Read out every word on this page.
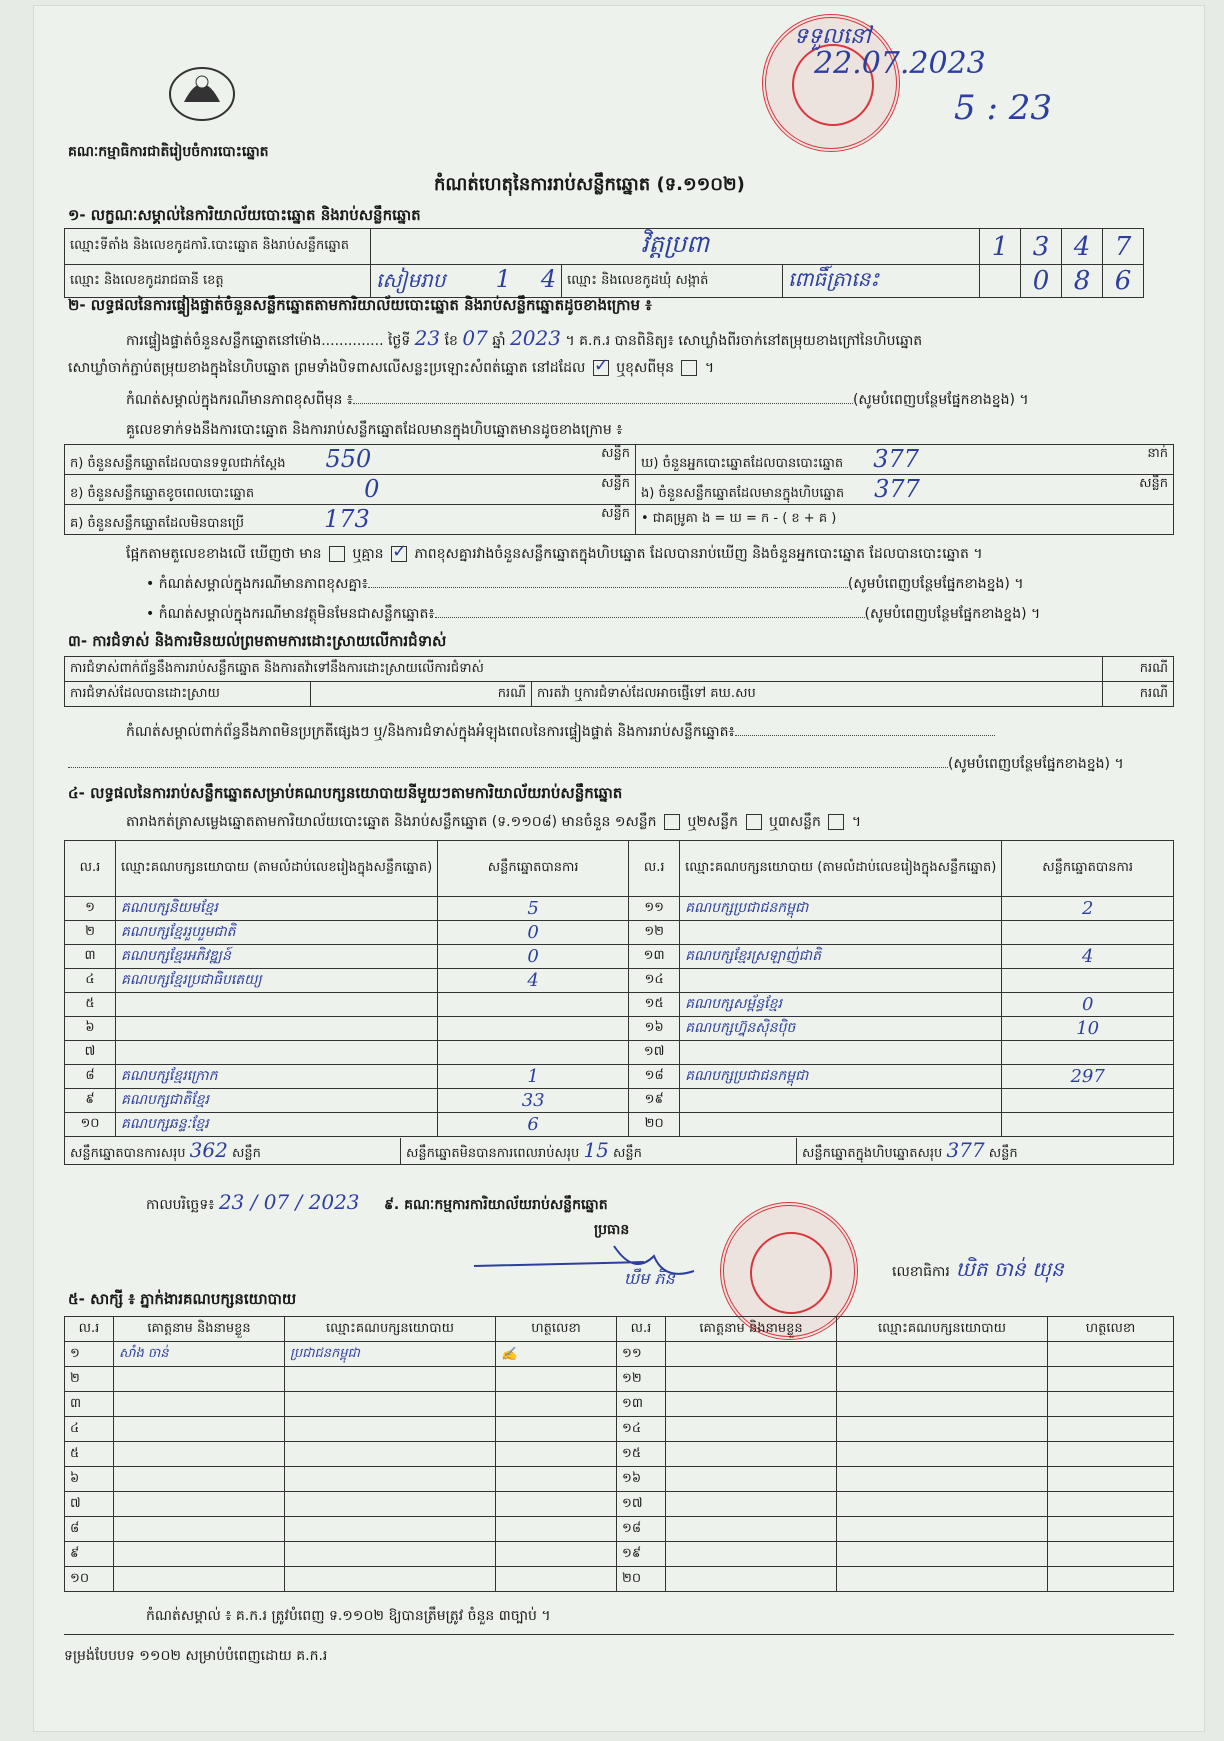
គណៈកម្មាធិការជាតិរៀបចំការបោះឆ្នោត
ទទួលនៅ
22.07.2023
5 : 23
កំណត់ហេតុនៃការរាប់សន្លឹកឆ្នោត (ទ.១១០២)
១- លក្ខណៈសម្គាល់នៃការិយាល័យបោះឆ្នោត និងរាប់សន្លឹកឆ្នោត
ឈ្មោះទីតាំង និងលេខកូដការិ.បោះឆ្នោត និងរាប់សន្លឹកឆ្នោត	វិត្តប្រពា			1	3	4	7
ឈ្មោះ និងលេខកូដរាជធានី ខេត្ត	សៀមរាប 1 4	ឈ្មោះ និងលេខកូដឃុំ សង្កាត់	ពោធិ៍ត្រានេះ		0	8	6
២- លទ្ធផលនៃការផ្ទៀងផ្ទាត់ចំនួនសន្លឹកឆ្នោតតាមការិយាល័យបោះឆ្នោត និងរាប់សន្លឹកឆ្នោតដូចខាងក្រោម ៖
ការផ្ទៀងផ្ទាត់ចំនួនសន្លឹកឆ្នោតនៅម៉ោង.............. ថ្ងៃទី 23 ខែ 07 ឆ្នាំ 2023 ។ គ.ក.រ បានពិនិត្យ៖ សោឃ្លាំងពីរចាក់នៅតម្រុយខាងក្រៅនៃហិបឆ្នោត
សោឃ្លាំចាក់ភ្ជាប់តម្រុយខាងក្នុងនៃហិបឆ្នោត ព្រមទាំងបិទពាសលើសន្លះប្រឡោះសំពត់ឆ្នោត នៅដដែល ✓ ឬខុសពីមុន  ។
កំណត់សម្គាល់ក្នុងករណីមានភាពខុសពីមុន ៖	(សូមបំពេញបន្ថែមផ្នែកខាងខ្នង) ។
គួលេខទាក់ទងនឹងការបោះឆ្នោត និងការរាប់សន្លឹកឆ្នោតដែលមានក្នុងហិបឆ្នោតមានដូចខាងក្រោម ៖
ក) ចំនួនសន្លឹកឆ្នោតដែលបានទទួលជាក់ស្តែង 550 សន្លឹក	ឃ) ចំនួនអ្នកបោះឆ្នោតដែលបានបោះឆ្នោត 377 នាក់

ខ) ចំនួនសន្លឹកឆ្នោតខូចពេលបោះឆ្នោត 0 សន្លឹក	ង) ចំនួនសន្លឹកឆ្នោតដែលមានក្នុងហិបឆ្នោត 377 សន្លឹក

គ) ចំនួនសន្លឹកឆ្នោតដែលមិនបានប្រើ 173 សន្លឹក	• ជាគម្រូគា ង = ឃ = ក - ( ខ + គ )
ផ្អែកតាមតួលេខខាងលើ ឃើញថា មាន ឬគ្មាន ✓ ភាពខុសគ្នារវាងចំនួនសន្លឹកឆ្នោតក្នុងហិបឆ្នោត ដែលបានរាប់ឃើញ និងចំនួនអ្នកបោះឆ្នោត ដែលបានបោះឆ្នោត ។
• កំណត់សម្គាល់ក្នុងករណីមានភាពខុសគ្នា៖	(សូមបំពេញបន្ថែមផ្នែកខាងខ្នង) ។
• កំណត់សម្គាល់ក្នុងករណីមានវត្ថុមិនមែនជាសន្លឹកឆ្នោត៖	(សូមបំពេញបន្ថែមផ្នែកខាងខ្នង) ។
៣- ការជំទាស់ និងការមិនយល់ព្រមតាមការដោះស្រាយលើការជំទាស់
ការជំទាស់ពាក់ព័ន្ធនឹងការរាប់សន្លឹកឆ្នោត និងការតវ៉ាទៅនឹងការដោះស្រាយលើការជំទាស់			ករណី
ការជំទាស់ដែលបានដោះស្រាយ	ករណី	ការតវ៉ា ឬការជំទាស់ដែលអាចផ្ញើទៅ គឃ.សប	ករណី
កំណត់សម្គាល់ពាក់ព័ន្ធនឹងភាពមិនប្រក្រតីផ្សេងៗ ឬ/និងការជំទាស់ក្នុងអំឡុងពេលនៃការផ្ទៀងផ្ទាត់ និងការរាប់សន្លឹកឆ្នោត៖
(សូមបំពេញបន្ថែមផ្នែកខាងខ្នង) ។
៤- លទ្ធផលនៃការរាប់សន្លឹកឆ្នោតសម្រាប់គណបក្សនយោបាយនីមួយៗតាមការិយាល័យរាប់សន្លឹកឆ្នោត
តារាងកត់ត្រាសម្លេងឆ្នោតតាមការិយាល័យបោះឆ្នោត និងរាប់សន្លឹកឆ្នោត (ទ.១១០៨) មានចំនួន ១សន្លឹក ឬ២សន្លឹក ឬ៣សន្លឹក  ។
ល.រ	ឈ្មោះគណបក្សនយោបាយ (តាមលំដាប់លេខរៀងក្នុងសន្លឹកឆ្នោត)	សន្លឹកឆ្នោតបានការ	ល.រ	ឈ្មោះគណបក្សនយោបាយ (តាមលំដាប់លេខរៀងក្នុងសន្លឹកឆ្នោត)	សន្លឹកឆ្នោតបានការ
១	គណបក្សនិយមខ្មែរ	5	១១	គណបក្សប្រជាជនកម្ពុជា	2
២	គណបក្សខ្មែររួបរួមជាតិ	0	១២		
៣	គណបក្សខ្មែរអភិវឌ្ឍន៍	0	១៣	គណបក្សខ្មែរស្រឡាញ់ជាតិ	4
៤	គណបក្សខ្មែរប្រជាធិបតេយ្យ	4	១៤		
៥			១៥	គណបក្សសម្ព័ន្ធខ្មែរ	0
៦			១៦	គណបក្សហ្វ៊ុនស៊ិនប៉ិច	10
៧			១៧		
៨	គណបក្សខ្មែរក្រោក	1	១៨	គណបក្សប្រជាជនកម្ពុជា	297
៩	គណបក្សជាតិខ្មែរ	33	១៩		
១០	គណបក្សឆន្ទៈខ្មែរ	6	២០		
សន្លឹកឆ្នោតបានការសរុប 362 សន្លឹក សន្លឹកឆ្នោតមិនបានការពេលរាប់សរុប 15 សន្លឹក សន្លឹកឆ្នោតក្នុងហិបឆ្នោតសរុប 377 សន្លឹក					
កាលបរិច្ឆេទ៖ 23 / 07 / 2023 ៩. គណៈកម្មការការិយាល័យរាប់សន្លឹកឆ្នោត
ប្រធាន
ឃឹម ភិន	លេខាធិការ ឃិត ចាន់ យុន
៥- សាក្សី ៖ ភ្នាក់ងារគណបក្សនយោបាយ
ល.រ	គោត្តនាម និងនាមខ្លួន	ឈ្មោះគណបក្សនយោបាយ	ហត្ថលេខា	ល.រ	គោត្តនាម និងនាមខ្លួន	ឈ្មោះគណបក្សនយោបាយ	ហត្ថលេខា
១	សាំង ចាន់	ប្រជាជនកម្ពុជា	✍	១១			
២				១២			
៣				១៣			
៤				១៤			
៥				១៥			
៦				១៦			
៧				១៧			
៨				១៨			
៩				១៩			
១០				២០			
កំណត់សម្គាល់ ៖ គ.ក.រ ត្រូវបំពេញ ទ.១១០២ ឱ្យបានត្រឹមត្រូវ ចំនួន ៣ច្បាប់ ។
ទម្រង់បែបបទ ១១០២ សម្រាប់បំពេញដោយ គ.ក.រ
